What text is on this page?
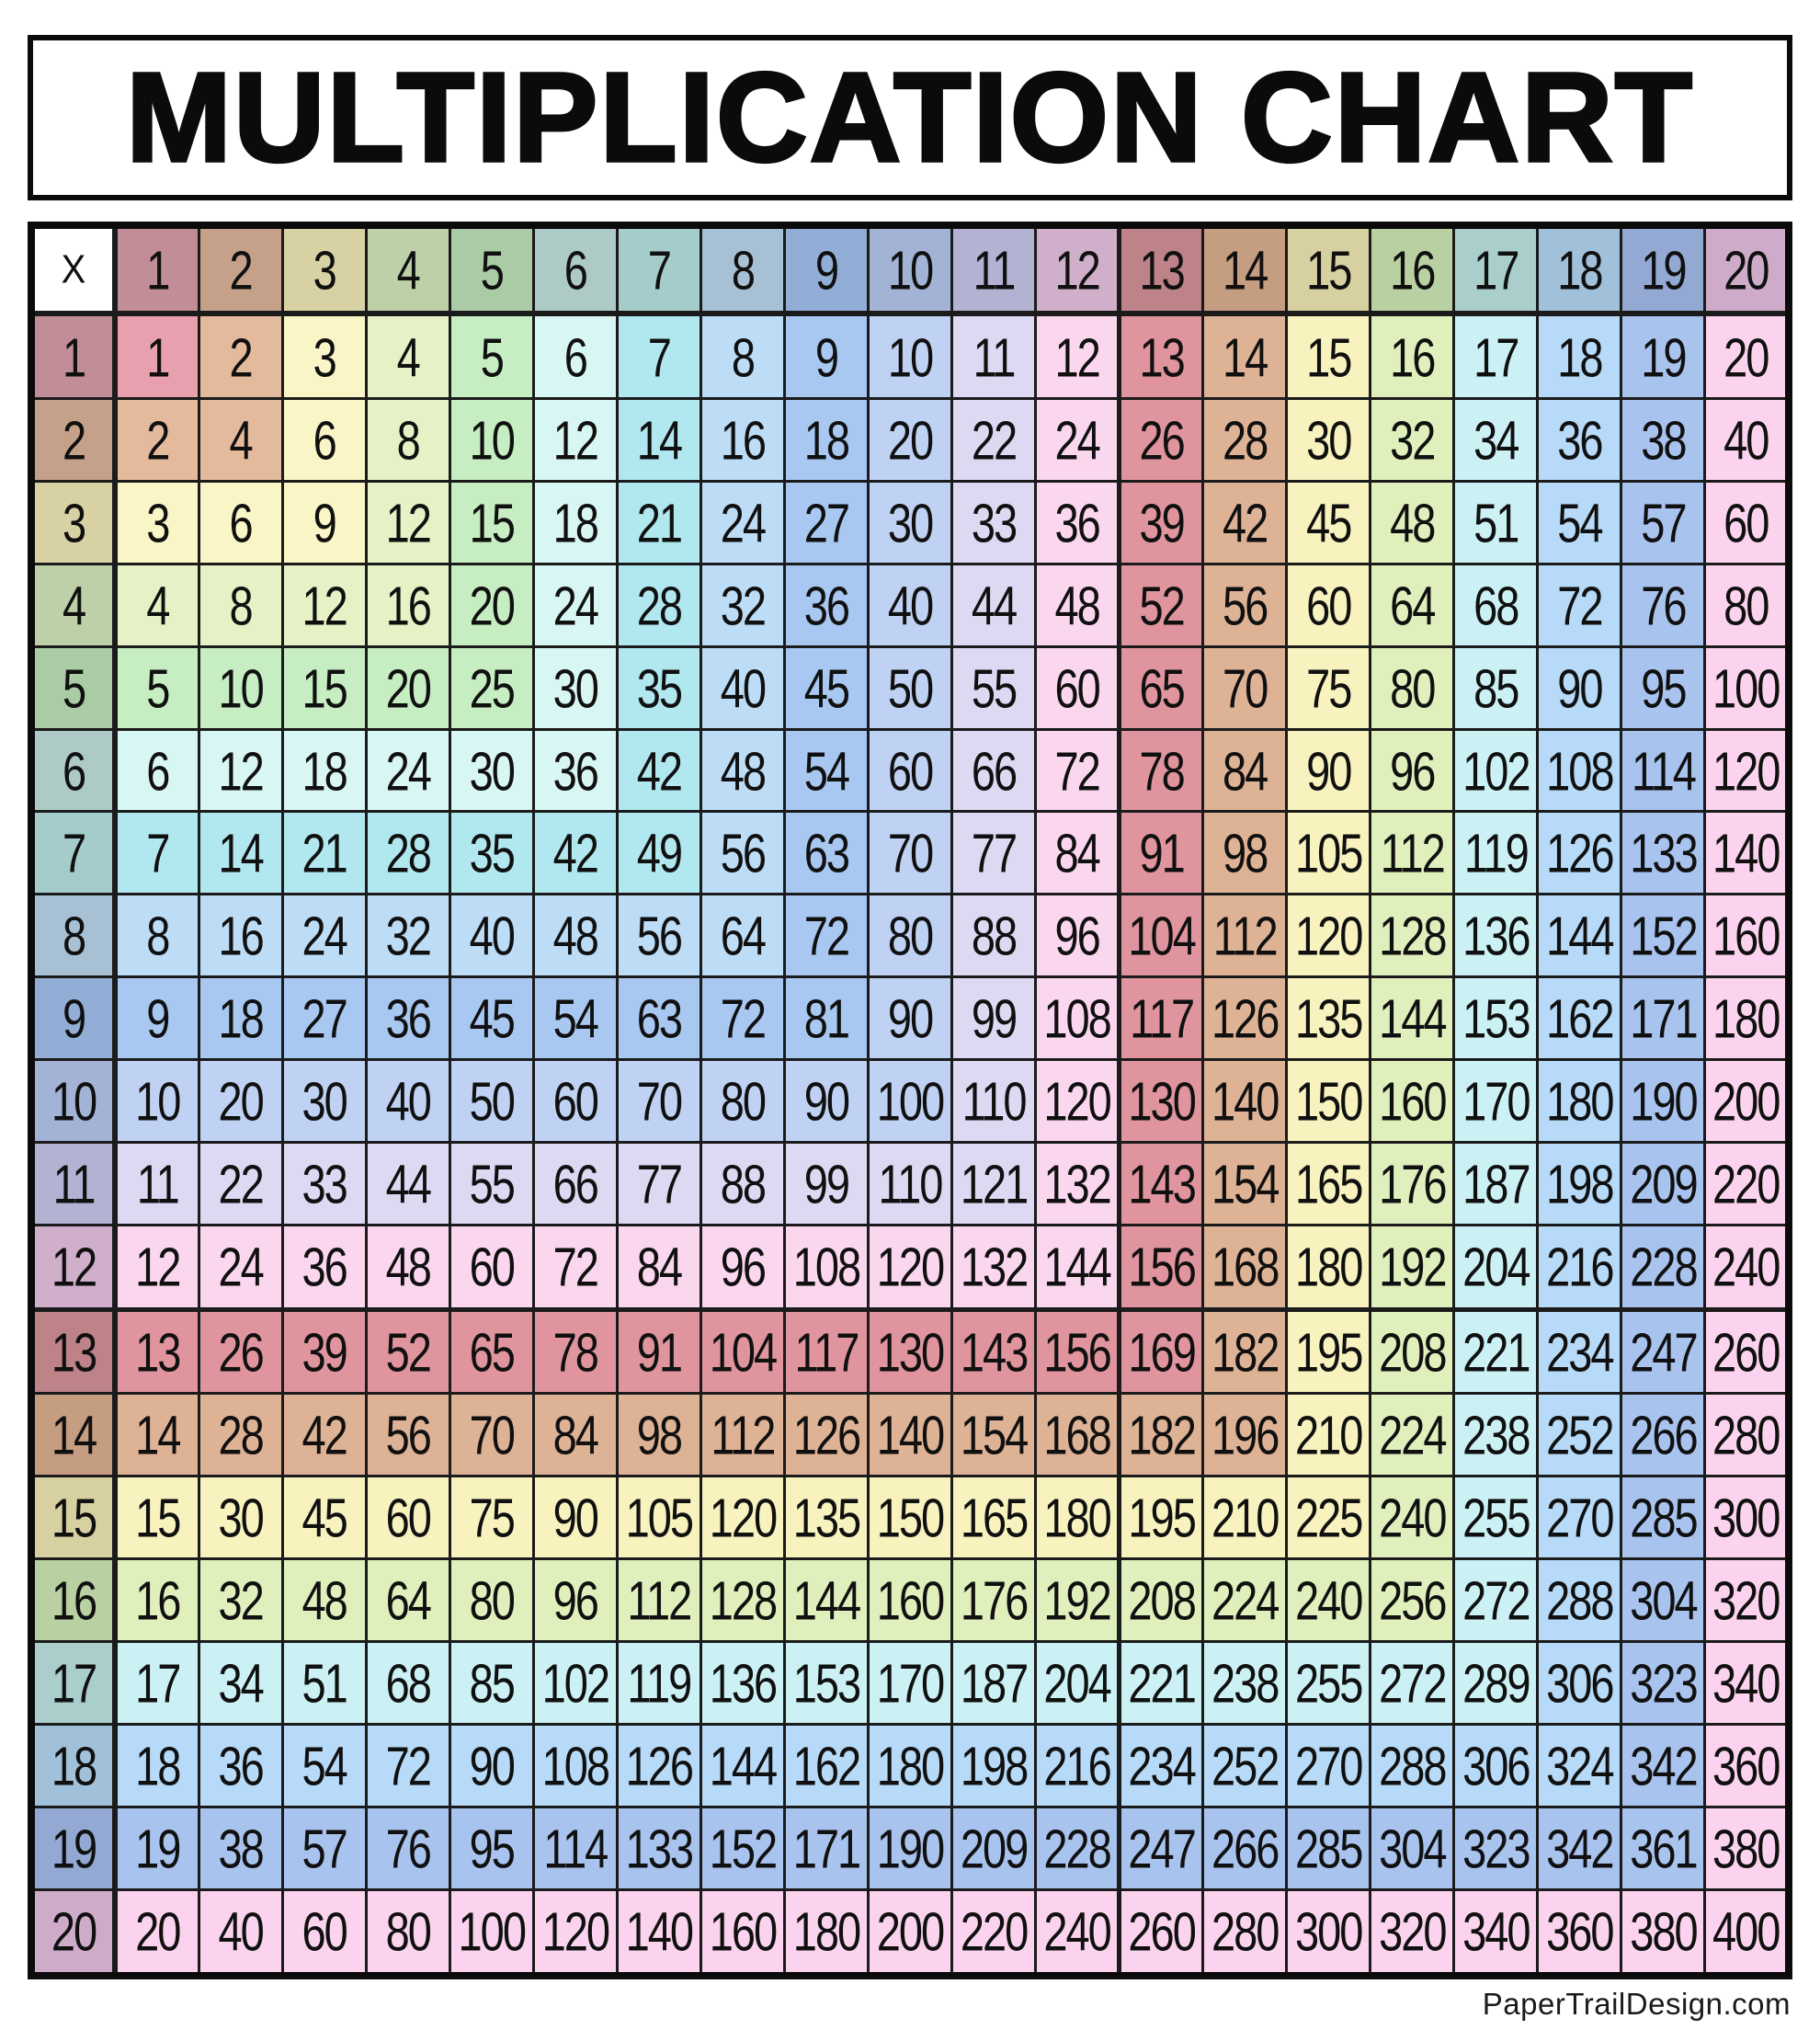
MULTIPLICATION CHART
X	1	2	3	4	5	6	7	8	9	10	11	12	13	14	15	16	17	18	19	20
1	1	2	3	4	5	6	7	8	9	10	11	12	13	14	15	16	17	18	19	20
2	2	4	6	8	10	12	14	16	18	20	22	24	26	28	30	32	34	36	38	40
3	3	6	9	12	15	18	21	24	27	30	33	36	39	42	45	48	51	54	57	60
4	4	8	12	16	20	24	28	32	36	40	44	48	52	56	60	64	68	72	76	80
5	5	10	15	20	25	30	35	40	45	50	55	60	65	70	75	80	85	90	95	100
6	6	12	18	24	30	36	42	48	54	60	66	72	78	84	90	96	102	108	114	120
7	7	14	21	28	35	42	49	56	63	70	77	84	91	98	105	112	119	126	133	140
8	8	16	24	32	40	48	56	64	72	80	88	96	104	112	120	128	136	144	152	160
9	9	18	27	36	45	54	63	72	81	90	99	108	117	126	135	144	153	162	171	180
10	10	20	30	40	50	60	70	80	90	100	110	120	130	140	150	160	170	180	190	200
11	11	22	33	44	55	66	77	88	99	110	121	132	143	154	165	176	187	198	209	220
12	12	24	36	48	60	72	84	96	108	120	132	144	156	168	180	192	204	216	228	240
13	13	26	39	52	65	78	91	104	117	130	143	156	169	182	195	208	221	234	247	260
14	14	28	42	56	70	84	98	112	126	140	154	168	182	196	210	224	238	252	266	280
15	15	30	45	60	75	90	105	120	135	150	165	180	195	210	225	240	255	270	285	300
16	16	32	48	64	80	96	112	128	144	160	176	192	208	224	240	256	272	288	304	320
17	17	34	51	68	85	102	119	136	153	170	187	204	221	238	255	272	289	306	323	340
18	18	36	54	72	90	108	126	144	162	180	198	216	234	252	270	288	306	324	342	360
19	19	38	57	76	95	114	133	152	171	190	209	228	247	266	285	304	323	342	361	380
20	20	40	60	80	100	120	140	160	180	200	220	240	260	280	300	320	340	360	380	400
PaperTrailDesign.com
